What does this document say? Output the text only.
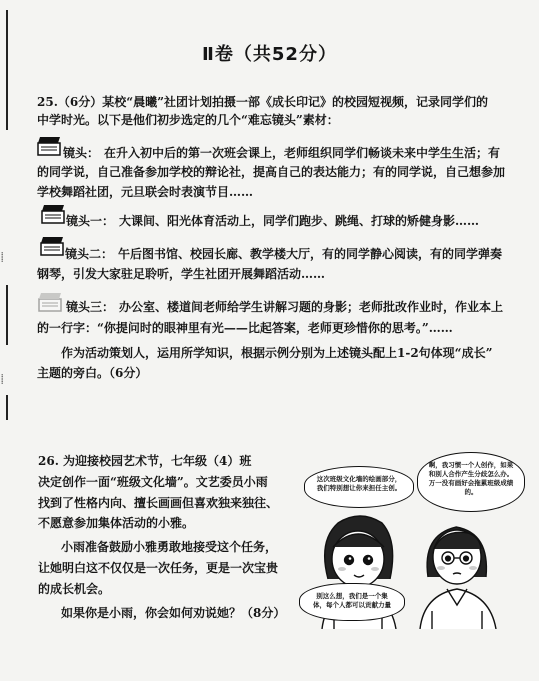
⸽
⸽
Ⅱ卷（共52分）
25.（6分）某校“晨曦”社团计划拍摄一部《成长印记》的校园短视频，记录同学们的
中学时光。以下是他们初步选定的几个“难忘镜头”素材：
镜头： 在升入初中后的第一次班会课上，老师组织同学们畅谈未来中学生生活；有
的同学说，自己准备参加学校的辩论社，提高自己的表达能力；有的同学说，自己想参加
学校舞蹈社团，元旦联会时表演节目……
镜头一： 大课间、阳光体育活动上，同学们跑步、跳绳、打球的矫健身影……
镜头二： 午后图书馆、校园长廊、教学楼大厅，有的同学静心阅读，有的同学弹奏
钢琴，引发大家驻足聆听，学生社团开展舞蹈活动……
镜头三： 办公室、楼道间老师给学生讲解习题的身影；老师批改作业时，作业本上
的一行字：“你提问时的眼神里有光——比起答案，老师更珍惜你的思考。”……
作为活动策划人，运用所学知识，根据示例分别为上述镜头配上1-2句体现“成长”
主题的旁白。（6分）
26. 为迎接校园艺术节，七年级（4）班
决定创作一面“班级文化墙”。文艺委员小雨
找到了性格内向、擅长画画但喜欢独来独往、
不愿意参加集体活动的小雅。
小雨准备鼓励小雅勇敢地接受这个任务，
让她明白这不仅仅是一次任务，更是一次宝贵
的成长机会。
如果你是小雨，你会如何劝说她？（8分）
这次班级文化墙的绘画部分，我们特别想让你来担任主创。
啊，我习惯一个人创作，如果和别人合作产生分歧怎么办。万一没有画好会拖累班级成绩的。
别这么想，我们是一个集体，每个人都可以贡献力量
